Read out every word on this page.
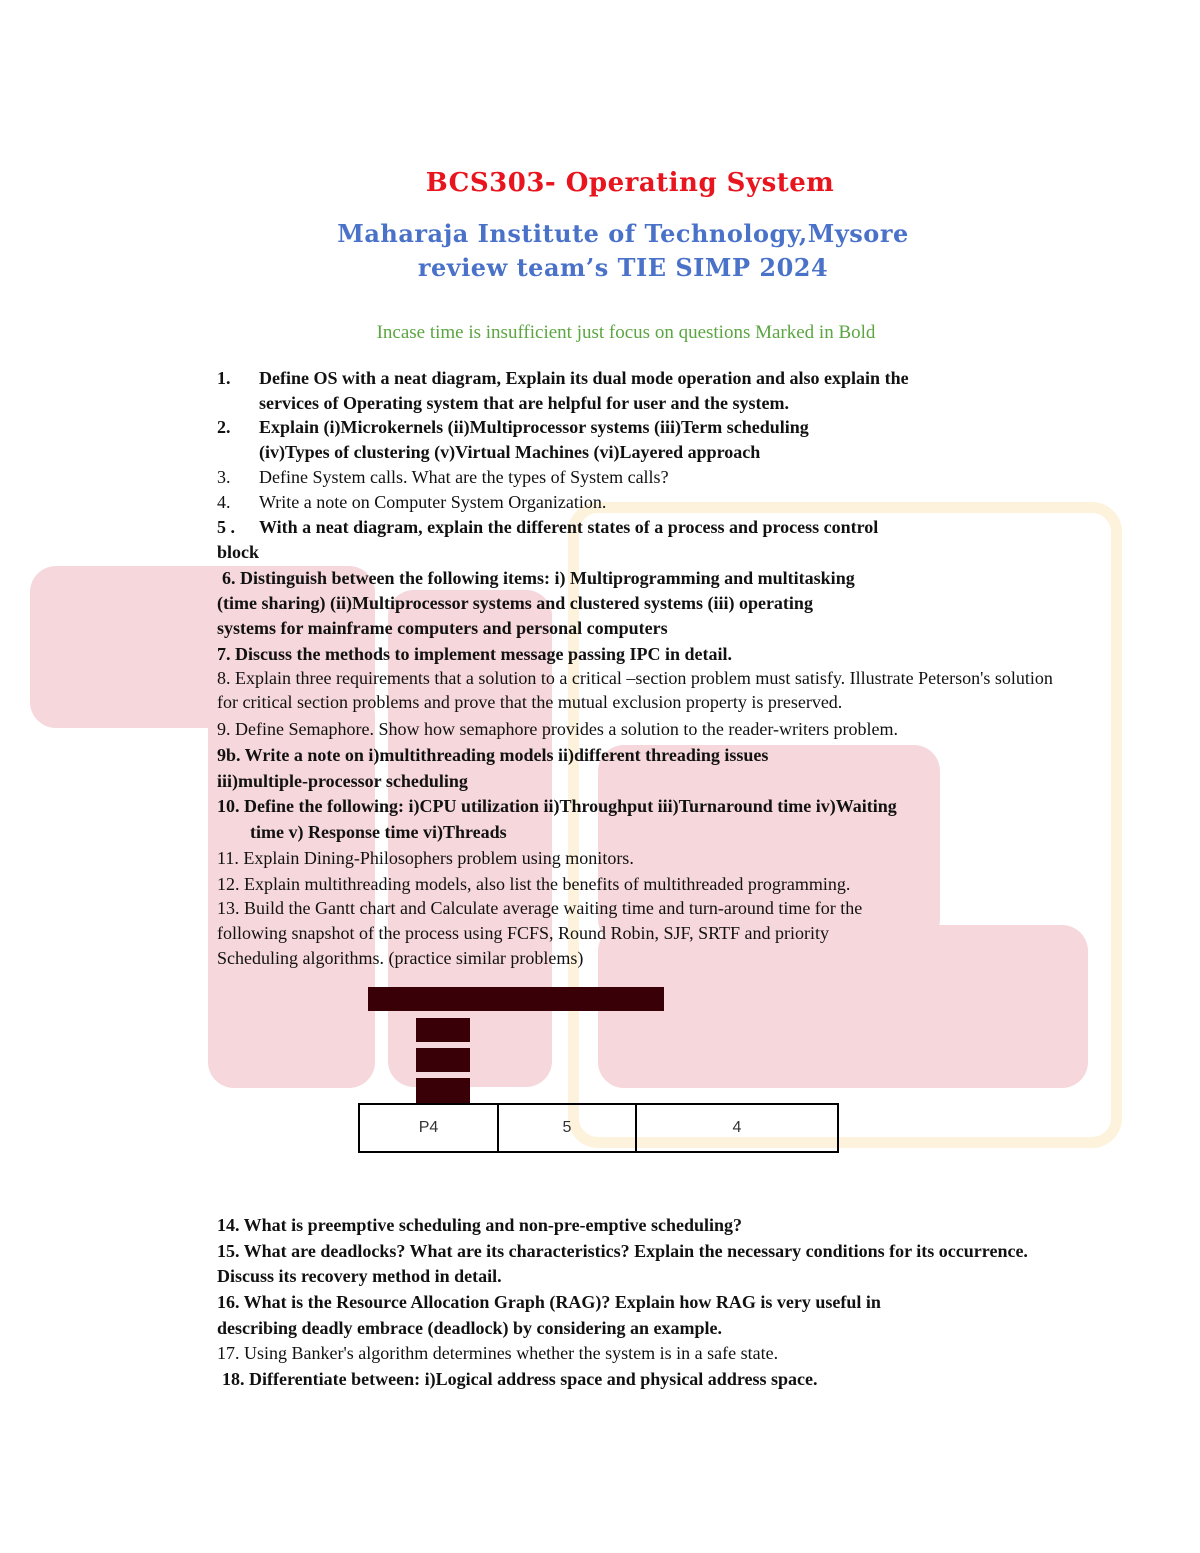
BCS303- Operating System
Maharaja Institute of Technology,Mysore
review team’s TIE SIMP 2024
Incase time is insufficient just focus on questions Marked in Bold
1. Define OS with a neat diagram, Explain its dual mode operation and also explain the
services of Operating system that are helpful for user and the system.
2. Explain (i)Microkernels (ii)Multiprocessor systems (iii)Term scheduling
(iv)Types of clustering (v)Virtual Machines (vi)Layered approach
3. Define System calls. What are the types of System calls?
4. Write a note on Computer System Organization.
5 . With a neat diagram, explain the different states of a process and process control
block
6. Distinguish between the following items: i) Multiprogramming and multitasking
(time sharing) (ii)Multiprocessor systems and clustered systems (iii) operating
systems for mainframe computers and personal computers
7. Discuss the methods to implement message passing IPC in detail.
8. Explain three requirements that a solution to a critical –section problem must satisfy. Illustrate Peterson's solution
for critical section problems and prove that the mutual exclusion property is preserved.
9. Define Semaphore. Show how semaphore provides a solution to the reader-writers problem.
9b. Write a note on i)multithreading models ii)different threading issues
iii)multiple-processor scheduling
10. Define the following: i)CPU utilization ii)Throughput iii)Turnaround time iv)Waiting
time v) Response time vi)Threads
11. Explain Dining-Philosophers problem using monitors.
12. Explain multithreading models, also list the benefits of multithreaded programming.
13. Build the Gantt chart and Calculate average waiting time and turn-around time for the
following snapshot of the process using FCFS, Round Robin, SJF, SRTF and priority
Scheduling algorithms. (practice similar problems)
P4	5	4
14. What is preemptive scheduling and non-pre-emptive scheduling?
15. What are deadlocks? What are its characteristics? Explain the necessary conditions for its occurrence.
Discuss its recovery method in detail.
16. What is the Resource Allocation Graph (RAG)? Explain how RAG is very useful in
describing deadly embrace (deadlock) by considering an example.
17. Using Banker's algorithm determines whether the system is in a safe state.
18. Differentiate between: i)Logical address space and physical address space.
